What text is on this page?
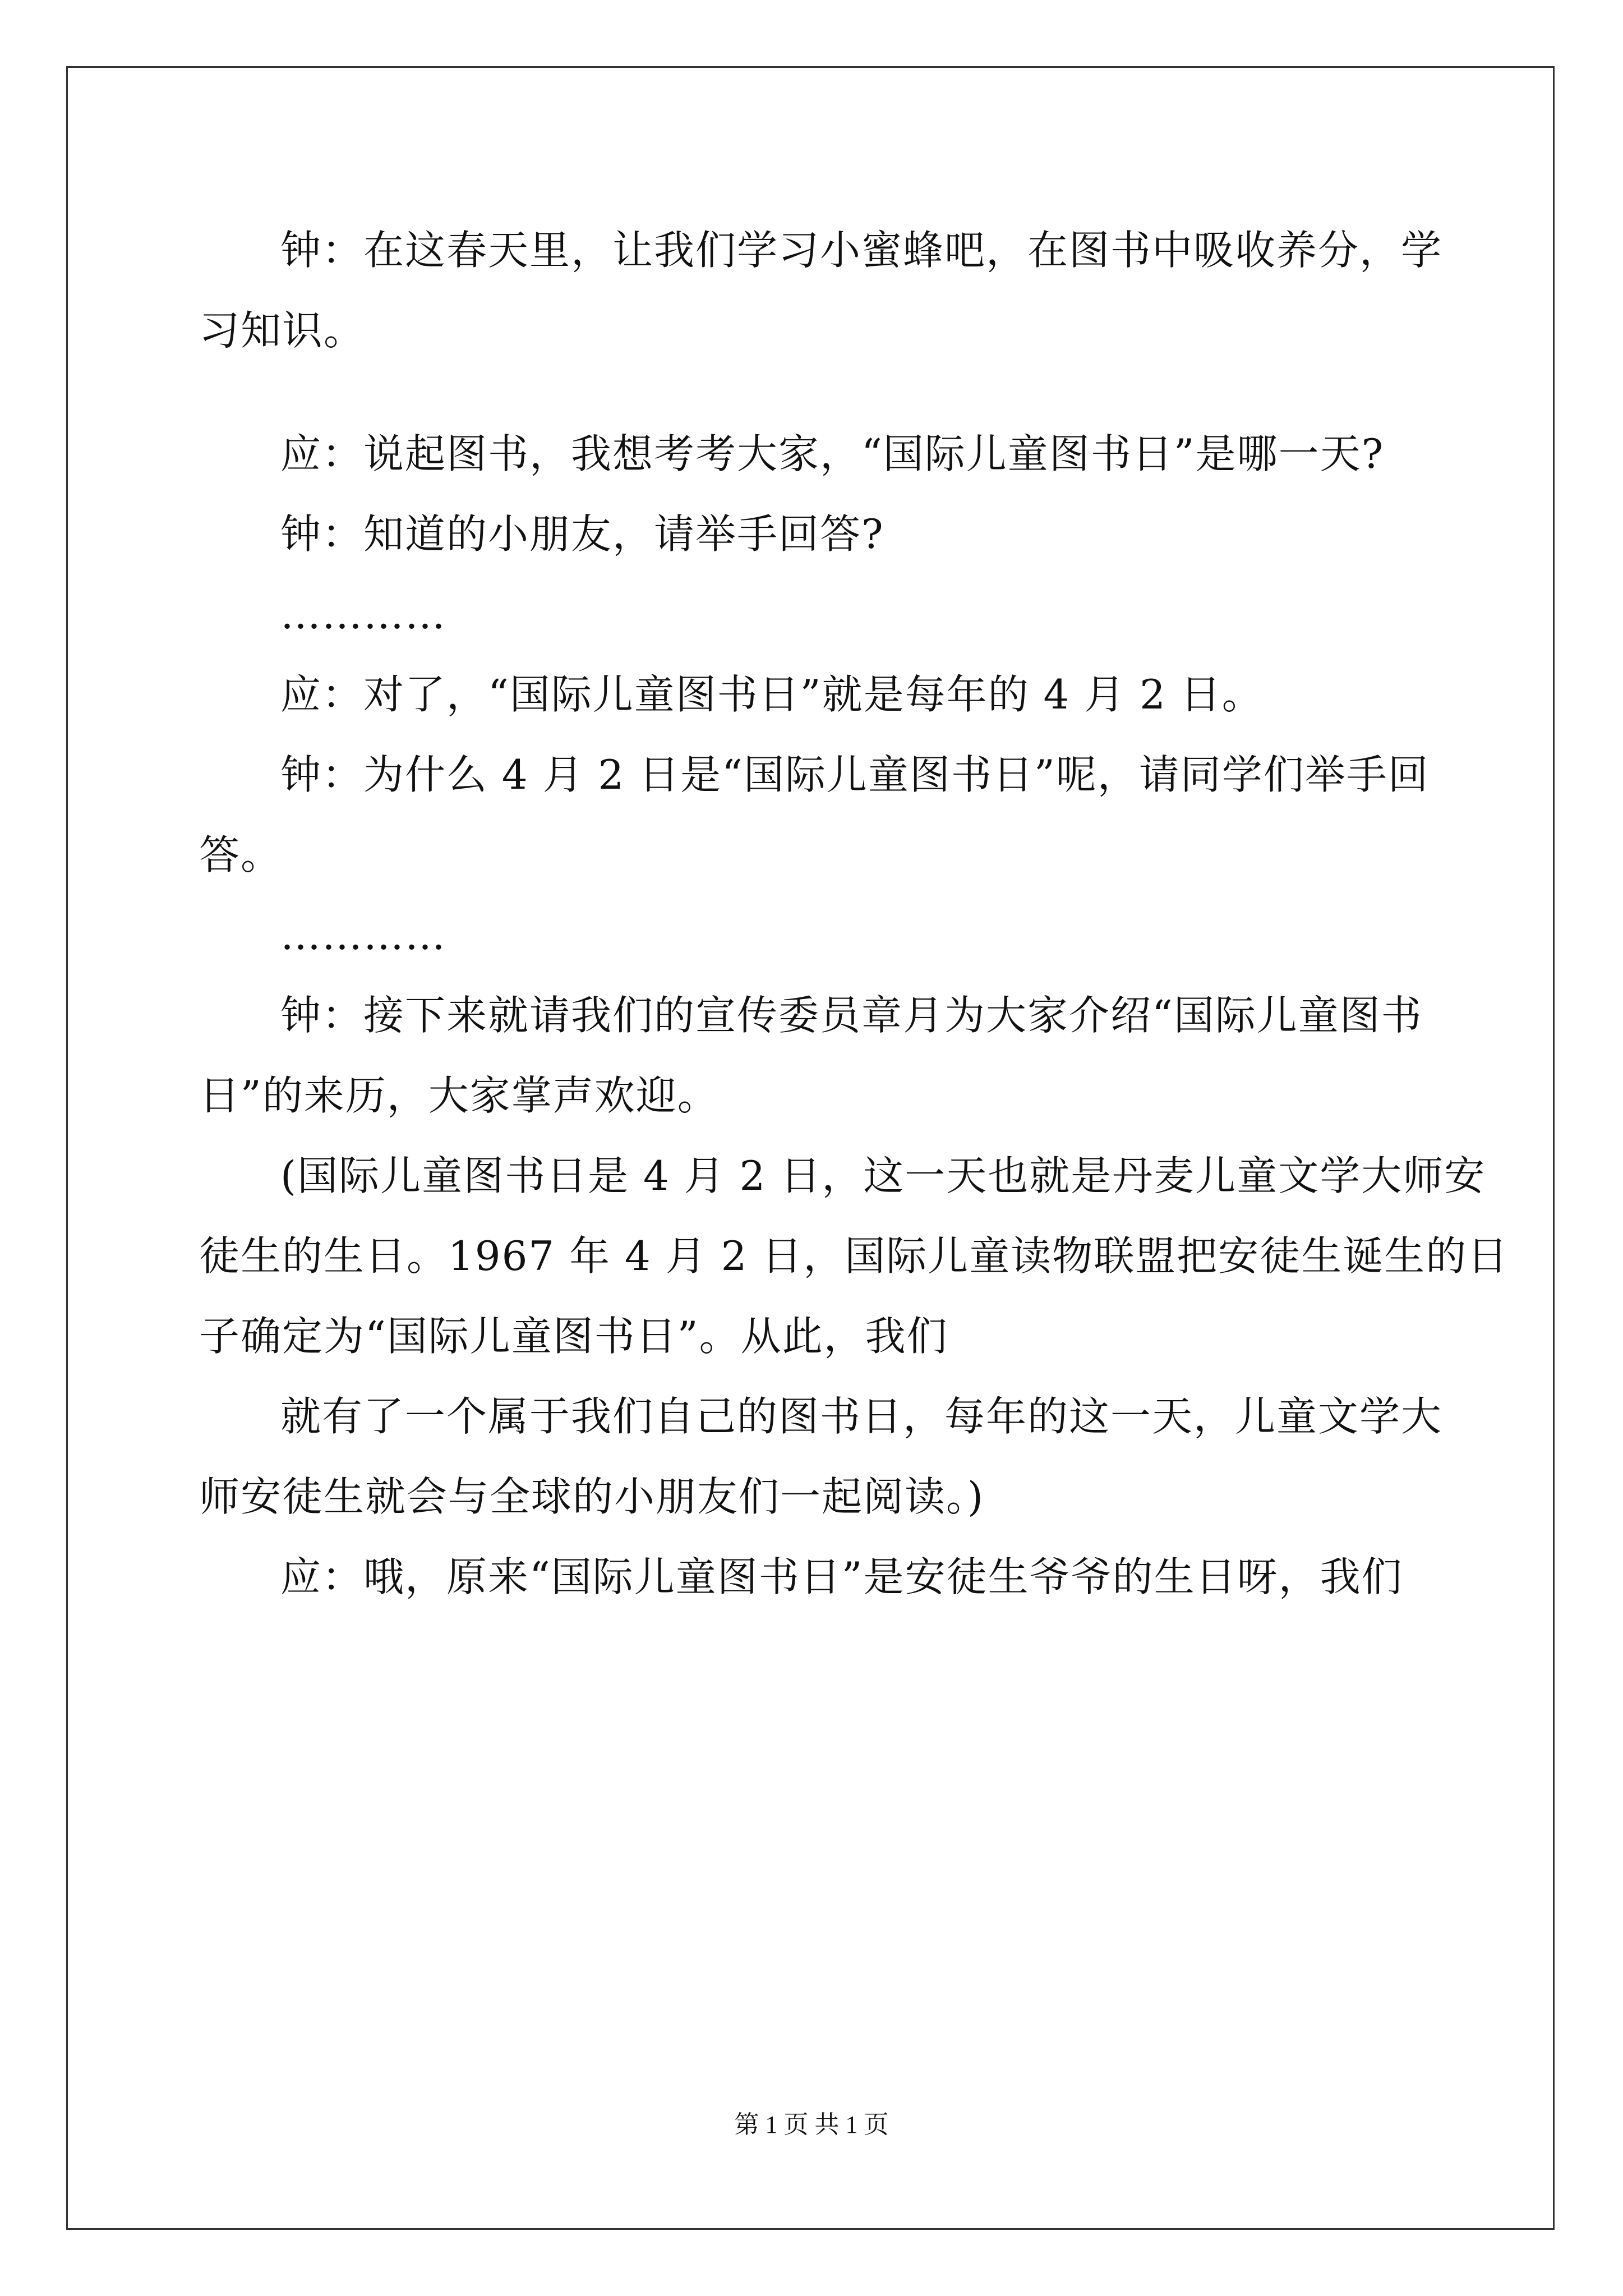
钟：在这春天里，让我们学习小蜜蜂吧，在图书中吸收养分，学
习知识。
应：说起图书，我想考考大家，“国际儿童图书日”是哪一天?
钟：知道的小朋友，请举手回答?
…………
应：对了，“国际儿童图书日”就是每年的 4 月 2 日。
钟：为什么 4 月 2 日是“国际儿童图书日”呢，请同学们举手回
答。
…………
钟：接下来就请我们的宣传委员章月为大家介绍“国际儿童图书
日”的来历，大家掌声欢迎。
(国际儿童图书日是 4 月 2 日，这一天也就是丹麦儿童文学大师安
徒生的生日。1967 年 4 月 2 日，国际儿童读物联盟把安徒生诞生的日
子确定为“国际儿童图书日”。从此，我们
就有了一个属于我们自己的图书日，每年的这一天，儿童文学大
师安徒生就会与全球的小朋友们一起阅读。)
应：哦，原来“国际儿童图书日”是安徒生爷爷的生日呀，我们
第 1 页 共 1 页
